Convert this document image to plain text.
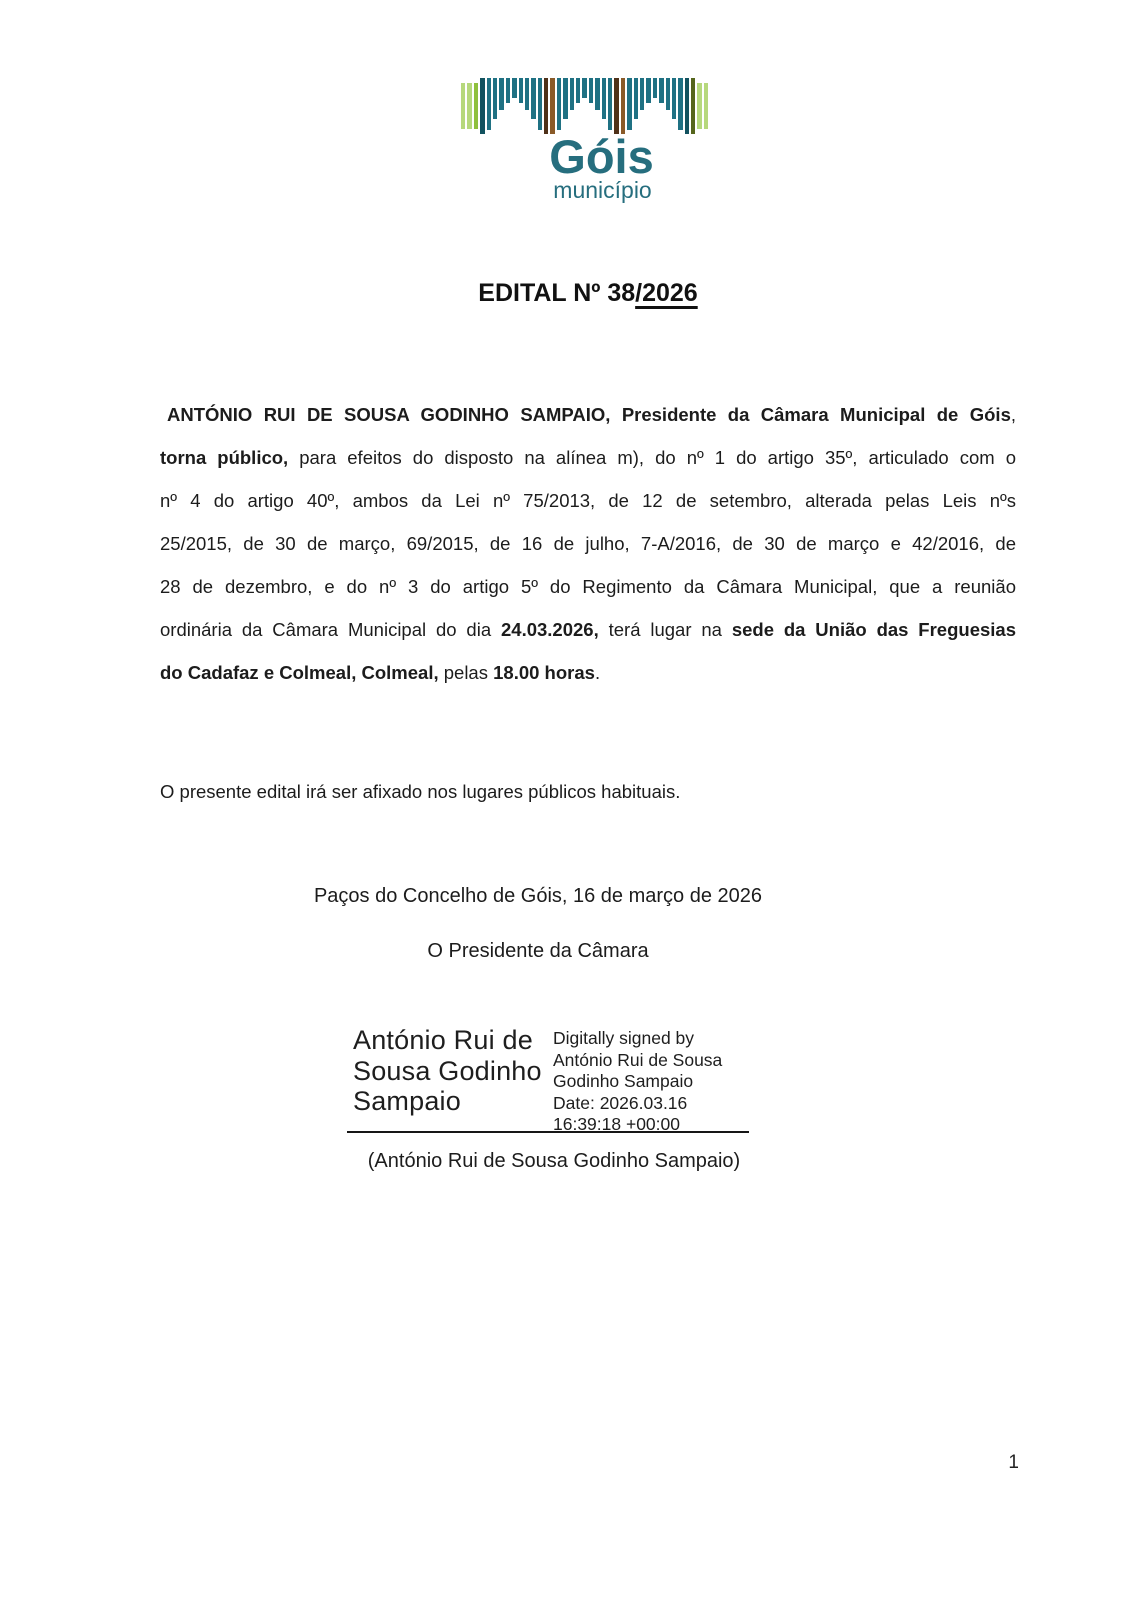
Góis
município
EDITAL Nº 38/2026
ANTÓNIO RUI DE SOUSA GODINHO SAMPAIO, Presidente da Câmara Municipal de Góis,
torna público, para efeitos do disposto na alínea m), do nº 1 do artigo 35º, articulado com o
nº 4 do artigo 40º, ambos da Lei nº 75/2013, de 12 de setembro, alterada pelas Leis nºs
25/2015, de 30 de março, 69/2015, de 16 de julho, 7-A/2016, de 30 de março e 42/2016, de
28 de dezembro, e do nº 3 do artigo 5º do Regimento da Câmara Municipal, que a reunião
ordinária da Câmara Municipal do dia 24.03.2026, terá lugar na sede da União das Freguesias
do Cadafaz e Colmeal, Colmeal, pelas 18.00 horas.
O presente edital irá ser afixado nos lugares públicos habituais.
Paços do Concelho de Góis, 16 de março de 2026
O Presidente da Câmara
António Rui de
Sousa Godinho
Sampaio
Digitally signed by
António Rui de Sousa
Godinho Sampaio
Date: 2026.03.16
16:39:18 +00:00
(António Rui de Sousa Godinho Sampaio)
1
